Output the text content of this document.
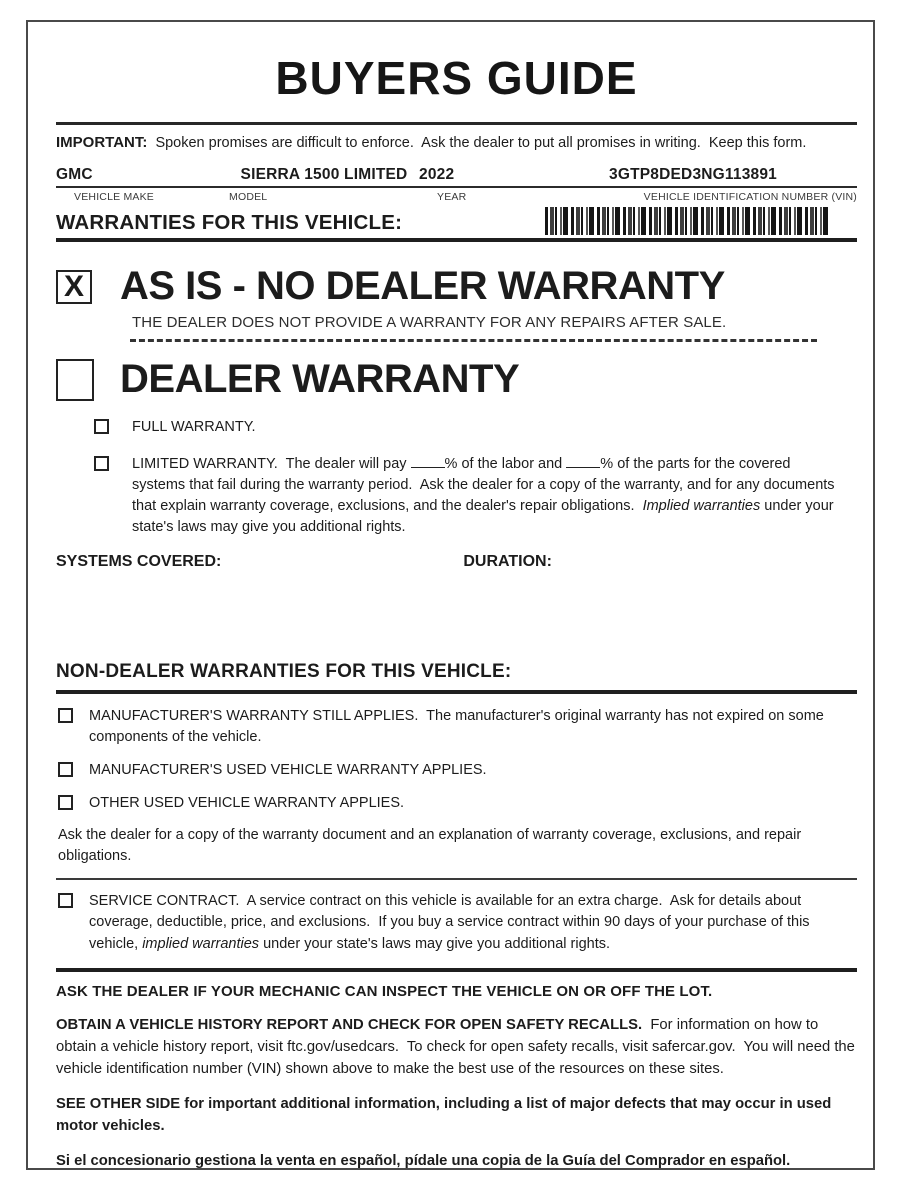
BUYERS GUIDE

IMPORTANT:  Spoken promises are difficult to enforce.  Ask the dealer to put all promises in writing.  Keep this form.

GMC	SIERRA 1500 LIMITED 2022	3GTP8DED3NG113891
VEHICLE MAKE	MODEL	YEAR	VEHICLE IDENTIFICATION NUMBER (VIN)
WARRANTIES FOR THIS VEHICLE:
X AS IS - NO DEALER WARRANTY

THE DEALER DOES NOT PROVIDE A WARRANTY FOR ANY REPAIRS AFTER SALE.

DEALER WARRANTY

FULL WARRANTY.

LIMITED WARRANTY.  The dealer will pay % of the labor and % of the parts for the covered systems that fail during the warranty period.  Ask the dealer for a copy of the warranty, and for any documents that explain warranty coverage, exclusions, and the dealer's repair obligations.  Implied warranties under your state's laws may give you additional rights.

SYSTEMS COVERED:	DURATION:
NON-DEALER WARRANTIES FOR THIS VEHICLE:

MANUFACTURER'S WARRANTY STILL APPLIES.  The manufacturer's original warranty has not expired on some components of the vehicle.

MANUFACTURER'S USED VEHICLE WARRANTY APPLIES.

OTHER USED VEHICLE WARRANTY APPLIES.

Ask the dealer for a copy of the warranty document and an explanation of warranty coverage, exclusions, and repair obligations.

SERVICE CONTRACT.  A service contract on this vehicle is available for an extra charge.  Ask for details about coverage, deductible, price, and exclusions.  If you buy a service contract within 90 days of your purchase of this vehicle, implied warranties under your state's laws may give you additional rights.

ASK THE DEALER IF YOUR MECHANIC CAN INSPECT THE VEHICLE ON OR OFF THE LOT.

OBTAIN A VEHICLE HISTORY REPORT AND CHECK FOR OPEN SAFETY RECALLS.  For information on how to obtain a vehicle history report, visit ftc.gov/usedcars.  To check for open safety recalls, visit safercar.gov.  You will need the vehicle identification number (VIN) shown above to make the best use of the resources on these sites.

SEE OTHER SIDE for important additional information, including a list of major defects that may occur in used motor vehicles.

Si el concesionario gestiona la venta en español, pídale una copia de la Guía del Comprador en español.
